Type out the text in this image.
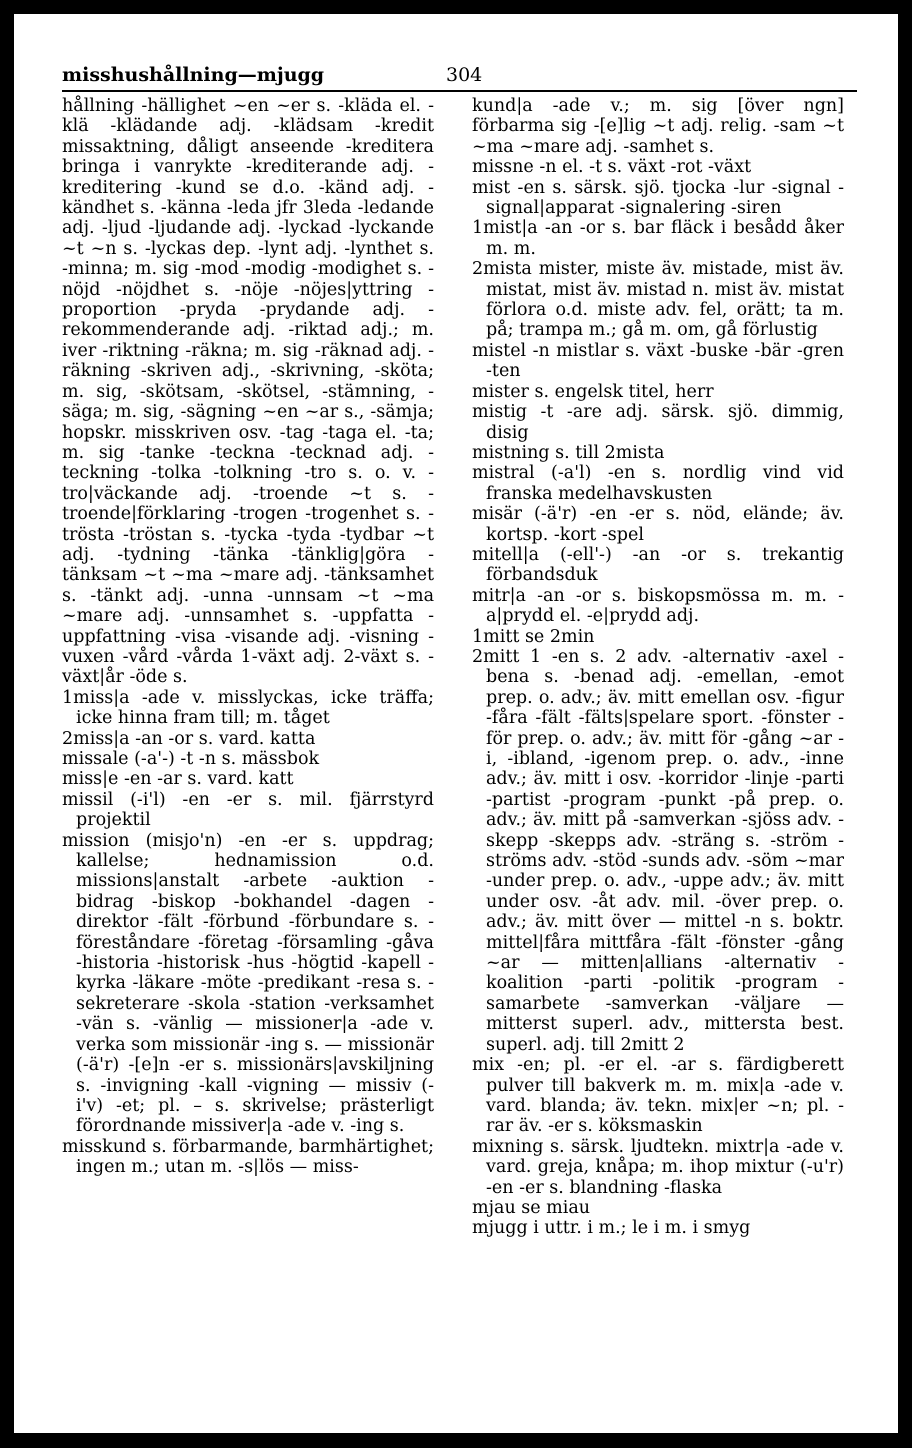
misshushållning—mjugg	304
hållning -hällighet ~en ~er s. -kläda el. -klä -klädande adj. -klädsam -kredit missaktning, dåligt anseende -kreditera bringa i vanrykte -krediterande adj. -kreditering -kund se d.o. -känd adj. -kändhet s. -känna -leda jfr 3leda -ledande adj. -ljud -ljudande adj. -lyckad -lyckande ~t ~n s. -lyckas dep. -lynt adj. -lynthet s. -minna; m. sig -mod -modig -modighet s. -nöjd -nöjdhet s. -nöje -nöjes|yttring -proportion -pryda -prydande adj. -rekommenderande adj. -riktad adj.; m. iver -riktning -räkna; m. sig -räknad adj. -räkning -skriven adj., -skrivning, -sköta; m. sig, -skötsam, -skötsel, -stämning, -säga; m. sig, -sägning ~en ~ar s., -sämja; hopskr. misskriven osv. -tag -taga el. -ta; m. sig -tanke -teckna -tecknad adj. -teckning -tolka -tolkning -tro s. o. v. -tro|väckande adj. -troende ~t s. -troende|förklaring -trogen -trogenhet s. -trösta -tröstan s. -tycka -tyda -tydbar ~t adj. -tydning -tänka -tänklig|göra -tänksam ~t ~ma ~mare adj. -tänksamhet s. -tänkt adj. -unna -unnsam ~t ~ma ~mare adj. -unnsamhet s. -uppfatta -uppfattning -visa -visande adj. -visning -vuxen -vård -vårda 1-växt adj. 2-växt s. -växt|år -öde s.
1miss|a -ade v. misslyckas, icke träffa; icke hinna fram till; m. tåget
2miss|a -an -or s. vard. katta
missale (-a'-) -t -n s. mässbok
miss|e -en -ar s. vard. katt
missil (-i'l) -en -er s. mil. fjärrstyrd projektil
mission (misjo'n) -en -er s. uppdrag; kallelse; hednamission o.d. missions|anstalt -arbete -auktion -bidrag -biskop -bokhandel -dagen -direktor -fält -förbund -förbundare s. -föreståndare -företag -församling -gåva -historia -historisk -hus -högtid -kapell -kyrka -läkare -möte -predikant -resa s. -sekreterare -skola -station -verksamhet -vän s. -vänlig — missioner|a -ade v. verka som missionär -ing s. — missionär (-ä'r) -[e]n -er s. missionärs|avskiljning s. -invigning -kall -vigning — missiv (-i'v) -et; pl. – s. skrivelse; prästerligt förordnande missiver|a -ade v. -ing s.
misskund s. förbarmande, barmhärtighet; ingen m.; utan m. -s|lös — miss-
kund|a -ade v.; m. sig [över ngn] förbarma sig -[e]lig ~t adj. relig. -sam ~t ~ma ~mare adj. -samhet s.
missne -n el. -t s. växt -rot -växt
mist -en s. särsk. sjö. tjocka -lur -signal -signal|apparat -signalering -siren
1mist|a -an -or s. bar fläck i besådd åker m. m.
2mista mister, miste äv. mistade, mist äv. mistat, mist äv. mistad n. mist äv. mistat förlora o.d. miste adv. fel, orätt; ta m. på; trampa m.; gå m. om, gå förlustig
mistel -n mistlar s. växt -buske -bär -gren -ten
mister s. engelsk titel, herr
mistig -t -are adj. särsk. sjö. dimmig, disig
mistning s. till 2mista
mistral (-a'l) -en s. nordlig vind vid franska medelhavskusten
misär (-ä'r) -en -er s. nöd, elände; äv. kortsp. -kort -spel
mitell|a (-ell'-) -an -or s. trekantig förbandsduk
mitr|a -an -or s. biskopsmössa m. m. -a|prydd el. -e|prydd adj.
1mitt se 2min
2mitt 1 -en s. 2 adv. -alternativ -axel -bena s. -benad adj. -emellan, -emot prep. o. adv.; äv. mitt emellan osv. -figur -fåra -fält -fälts|spelare sport. -fönster -för prep. o. adv.; äv. mitt för -gång ~ar -i, -ibland, -igenom prep. o. adv., -inne adv.; äv. mitt i osv. -korridor -linje -parti -partist -program -punkt -på prep. o. adv.; äv. mitt på -samverkan -sjöss adv. -skepp -skepps adv. -sträng s. -ström -ströms adv. -stöd -sunds adv. -söm ~mar -under prep. o. adv., -uppe adv.; äv. mitt under osv. -åt adv. mil. -över prep. o. adv.; äv. mitt över — mittel -n s. boktr. mittel|fåra mittfåra -fält -fönster -gång ~ar — mitten|allians -alternativ -koalition -parti -politik -program -samarbete -samverkan -väljare — mitterst superl. adv., mittersta best. superl. adj. till 2mitt 2
mix -en; pl. -er el. -ar s. färdigberett pulver till bakverk m. m. mix|a -ade v. vard. blanda; äv. tekn. mix|er ~n; pl. -rar äv. -er s. köksmaskin
mixning s. särsk. ljudtekn. mixtr|a -ade v. vard. greja, knåpa; m. ihop mixtur (-u'r) -en -er s. blandning -flaska
mjau se miau
mjugg i uttr. i m.; le i m. i smyg
